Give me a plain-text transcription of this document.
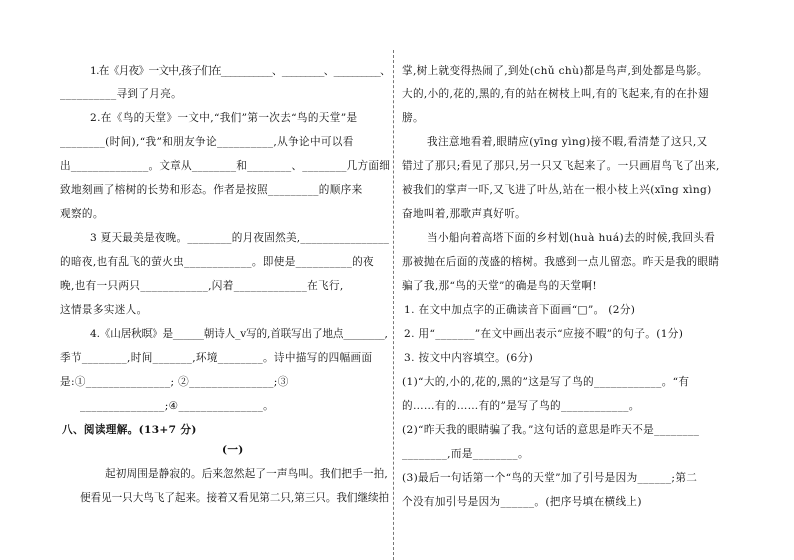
1.在《月夜》一文中,孩子们在___________、_________、__________、
__________寻到了月亮。
2.在《鸟的天堂》一文中,“我们”第一次去“鸟的天堂”是
________(时间),“我”和朋友争论__________,从争论中可以看
出______________。文章从________和________、________几方面细
致地刻画了榕树的长势和形态。作者是按照_________的顺序来
观察的。
3 夏天最美是夜晚。________的月夜固然美,________________
的暗夜,也有乱飞的萤火虫____________。即使是__________的夜
晚,也有一只两只____________,闪着_____________在飞行,
这情景多实迷人。
4.《山居秋暝》是______朝诗人_v写的,首联写出了地点________,
季节________,时间_______,环境________。诗中描写的四幅画面
是:①_______________; ②_______________;③
_______________;④_______________。
八、阅读理解。(13+7 分)
(一)
起初周围是静寂的。后来忽然起了一声鸟叫。我们把手一拍,
便看见一只大鸟飞了起来。接着又看见第二只,第三只。我们继续拍
掌,树上就变得热闹了,到处(chǔ chù)都是鸟声,到处都是鸟影。
大的,小的,花的,黑的,有的站在树枝上叫,有的飞起来,有的在扑翅
膀。
我注意地看着,眼睛应(yīng yìng)接不暇,看清楚了这只,又
错过了那只;看见了那只,另一只又飞起来了。一只画眉鸟飞了出来,
被我们的掌声一吓,又飞进了叶丛,站在一根小枝上兴(xīng xìng)
奋地叫着,那歌声真好听。
当小船向着高塔下面的乡村划(huà huá)去的时候,我回头看
那被抛在后面的茂盛的榕树。我感到一点儿留恋。昨天是我的眼睛
骗了我,那“鸟的天堂”的确是鸟的天堂啊!
1. 在文中加点字的正确读音下面画“□”。 (2分)
2. 用“_______”在文中画出表示“应接不暇”的句子。(1分)
3. 按文中内容填空。(6分)
(1)“大的,小的,花的,黑的”这是写了鸟的____________。“有
的……有的……有的”是写了鸟的____________。
(2)“昨天我的眼睛骗了我。”这句话的意思是昨天不是________
________,而是________。
(3)最后一句话第一个“鸟的天堂”加了引号是因为______;第二
个没有加引号是因为______。(把序号填在横线上)
